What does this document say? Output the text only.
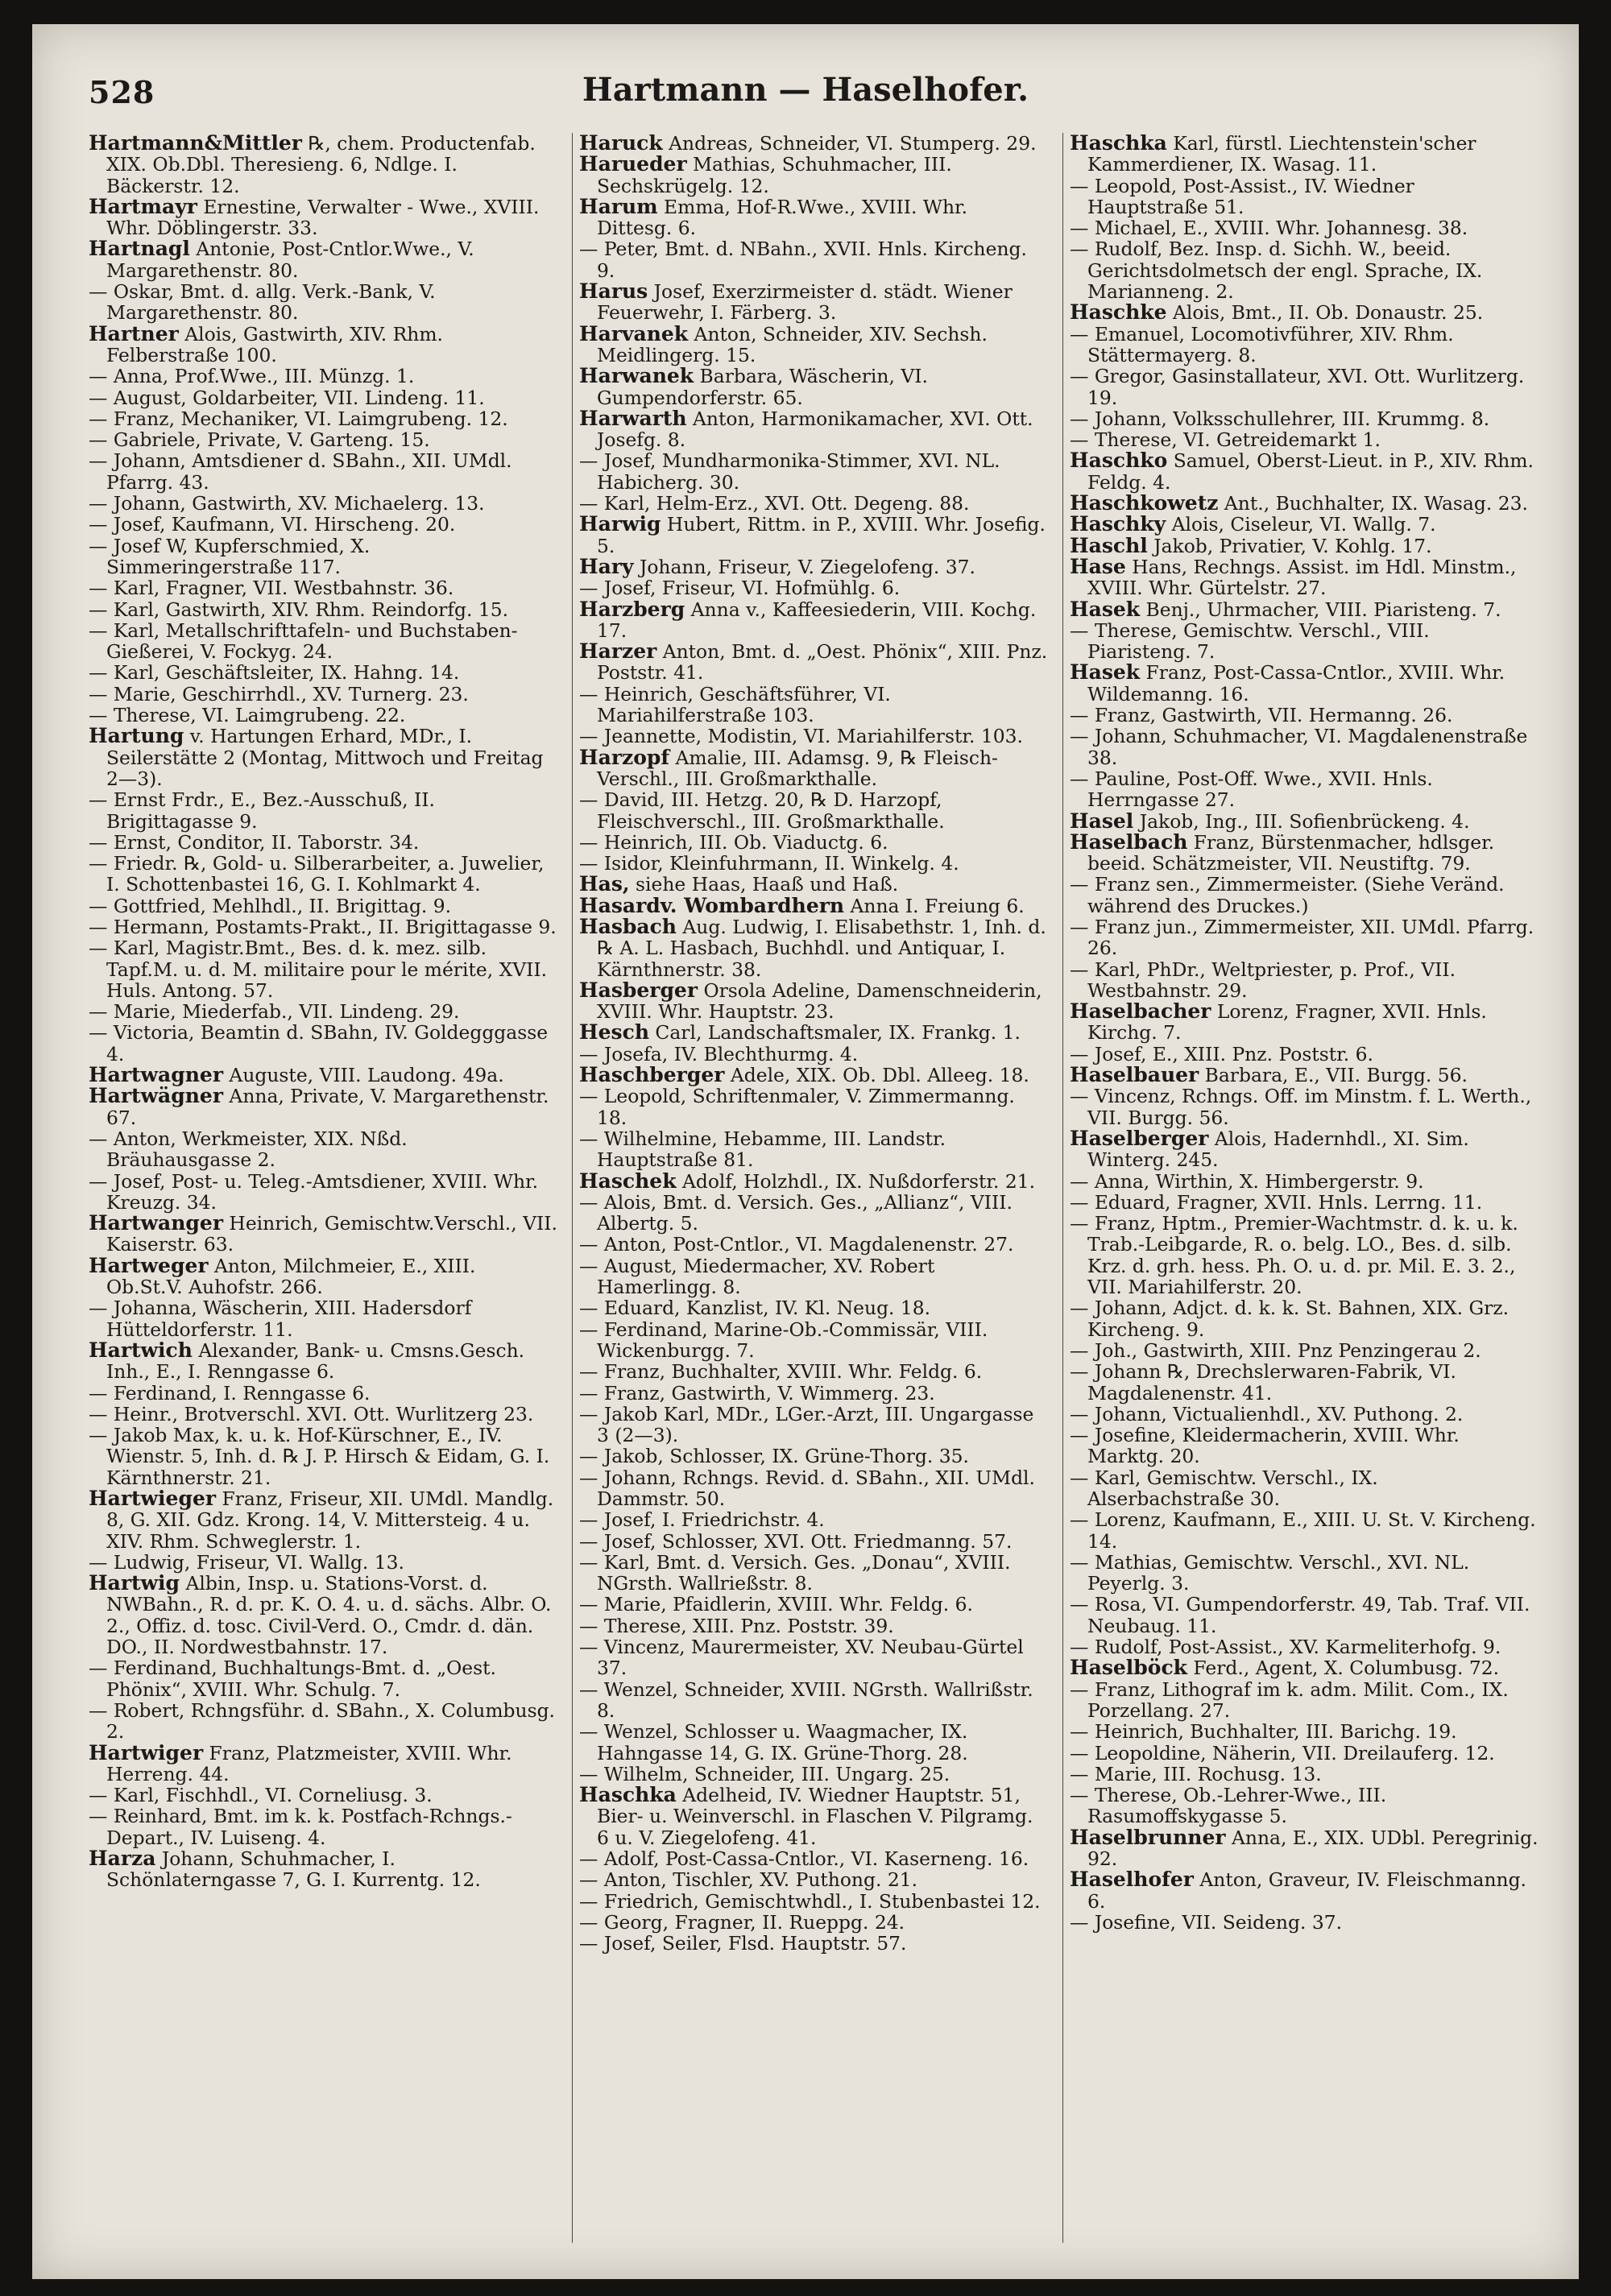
528	Hartmann — Haselhofer.

Hartmann&Mittler ℞, chem. Productenfab. XIX. Ob.Dbl. Theresieng. 6, Ndlge. I. Bäckerstr. 12.

Hartmayr Ernestine, Verwalter - Wwe., XVIII. Whr. Döblingerstr. 33.

Hartnagl Antonie, Post-Cntlor.Wwe., V. Margarethenstr. 80.

— Oskar, Bmt. d. allg. Verk.-Bank, V. Margarethenstr. 80.

Hartner Alois, Gastwirth, XIV. Rhm. Felberstraße 100.

— Anna, Prof.Wwe., III. Münzg. 1.

— August, Goldarbeiter, VII. Lindeng. 11.

— Franz, Mechaniker, VI. Laimgrubeng. 12.

— Gabriele, Private, V. Garteng. 15.

— Johann, Amtsdiener d. SBahn., XII. UMdl. Pfarrg. 43.

— Johann, Gastwirth, XV. Michaelerg. 13.

— Josef, Kaufmann, VI. Hirscheng. 20.

— Josef W, Kupferschmied, X. Simmeringerstraße 117.

— Karl, Fragner, VII. Westbahnstr. 36.

— Karl, Gastwirth, XIV. Rhm. Reindorfg. 15.

— Karl, Metallschrifttafeln- und Buchstaben-Gießerei, V. Fockyg. 24.

— Karl, Geschäftsleiter, IX. Hahng. 14.

— Marie, Geschirrhdl., XV. Turnerg. 23.

— Therese, VI. Laimgrubeng. 22.

Hartung v. Hartungen Erhard, MDr., I. Seilerstätte 2 (Montag, Mittwoch und Freitag 2—3).

— Ernst Frdr., E., Bez.-Ausschuß, II. Brigittagasse 9.

— Ernst, Conditor, II. Taborstr. 34.

— Friedr. ℞, Gold- u. Silberarbeiter, a. Juwelier, I. Schottenbastei 16, G. I. Kohlmarkt 4.

— Gottfried, Mehlhdl., II. Brigittag. 9.

— Hermann, Postamts-Prakt., II. Brigittagasse 9.

— Karl, Magistr.Bmt., Bes. d. k. mez. silb. Tapf.M. u. d. M. militaire pour le mérite, XVII. Huls. Antong. 57.

— Marie, Miederfab., VII. Lindeng. 29.

— Victoria, Beamtin d. SBahn, IV. Goldegggasse 4.

Hartwagner Auguste, VIII. Laudong. 49a.

Hartwägner Anna, Private, V. Margarethenstr. 67.

— Anton, Werkmeister, XIX. Nßd. Bräuhausgasse 2.

— Josef, Post- u. Teleg.-Amtsdiener, XVIII. Whr. Kreuzg. 34.

Hartwanger Heinrich, Gemischtw.Verschl., VII. Kaiserstr. 63.

Hartweger Anton, Milchmeier, E., XIII. Ob.St.V. Auhofstr. 266.

— Johanna, Wäscherin, XIII. Hadersdorf Hütteldorferstr. 11.

Hartwich Alexander, Bank- u. Cmsns.Gesch. Inh., E., I. Renngasse 6.

— Ferdinand, I. Renngasse 6.

— Heinr., Brotverschl. XVI. Ott. Wurlitzerg 23.

— Jakob Max, k. u. k. Hof-Kürschner, E., IV. Wienstr. 5, Inh. d. ℞ J. P. Hirsch & Eidam, G. I. Kärnthnerstr. 21.

Hartwieger Franz, Friseur, XII. UMdl. Mandlg. 8, G. XII. Gdz. Krong. 14, V. Mittersteig. 4 u. XIV. Rhm. Schweglerstr. 1.

— Ludwig, Friseur, VI. Wallg. 13.

Hartwig Albin, Insp. u. Stations-Vorst. d. NWBahn., R. d. pr. K. O. 4. u. d. sächs. Albr. O. 2., Offiz. d. tosc. Civil-Verd. O., Cmdr. d. dän. DO., II. Nordwestbahnstr. 17.

— Ferdinand, Buchhaltungs-Bmt. d. „Oest. Phönix“, XVIII. Whr. Schulg. 7.

— Robert, Rchngsführ. d. SBahn., X. Columbusg. 2.

Hartwiger Franz, Platzmeister, XVIII. Whr. Herreng. 44.

— Karl, Fischhdl., VI. Corneliusg. 3.

— Reinhard, Bmt. im k. k. Postfach-Rchngs.-Depart., IV. Luiseng. 4.

Harza Johann, Schuhmacher, I. Schönlaterngasse 7, G. I. Kurrentg. 12.

Haruck Andreas, Schneider, VI. Stumperg. 29.

Harueder Mathias, Schuhmacher, III. Sechskrügelg. 12.

Harum Emma, Hof-R.Wwe., XVIII. Whr. Dittesg. 6.

— Peter, Bmt. d. NBahn., XVII. Hnls. Kircheng. 9.

Harus Josef, Exerzirmeister d. städt. Wiener Feuerwehr, I. Färberg. 3.

Harvanek Anton, Schneider, XIV. Sechsh. Meidlingerg. 15.

Harwanek Barbara, Wäscherin, VI. Gumpendorferstr. 65.

Harwarth Anton, Harmonikamacher, XVI. Ott. Josefg. 8.

— Josef, Mundharmonika-Stimmer, XVI. NL. Habicherg. 30.

— Karl, Helm-Erz., XVI. Ott. Degeng. 88.

Harwig Hubert, Rittm. in P., XVIII. Whr. Josefig. 5.

Hary Johann, Friseur, V. Ziegelofeng. 37.

— Josef, Friseur, VI. Hofmühlg. 6.

Harzberg Anna v., Kaffeesiederin, VIII. Kochg. 17.

Harzer Anton, Bmt. d. „Oest. Phönix“, XIII. Pnz. Poststr. 41.

— Heinrich, Geschäftsführer, VI. Mariahilferstraße 103.

— Jeannette, Modistin, VI. Mariahilferstr. 103.

Harzopf Amalie, III. Adamsg. 9, ℞ Fleisch-Verschl., III. Großmarkthalle.

— David, III. Hetzg. 20, ℞ D. Harzopf, Fleischverschl., III. Großmarkthalle.

— Heinrich, III. Ob. Viaductg. 6.

— Isidor, Kleinfuhrmann, II. Winkelg. 4.

Has, siehe Haas, Haaß und Haß.

Hasardv. Wombardhern Anna I. Freiung 6.

Hasbach Aug. Ludwig, I. Elisabethstr. 1, Inh. d. ℞ A. L. Hasbach, Buchhdl. und Antiquar, I. Kärnthnerstr. 38.

Hasberger Orsola Adeline, Damenschneiderin, XVIII. Whr. Hauptstr. 23.

Hesch Carl, Landschaftsmaler, IX. Frankg. 1.

— Josefa, IV. Blechthurmg. 4.

Haschberger Adele, XIX. Ob. Dbl. Alleeg. 18.

— Leopold, Schriftenmaler, V. Zimmermanng. 18.

— Wilhelmine, Hebamme, III. Landstr. Hauptstraße 81.

Haschek Adolf, Holzhdl., IX. Nußdorferstr. 21.

— Alois, Bmt. d. Versich. Ges., „Allianz“, VIII. Albertg. 5.

— Anton, Post-Cntlor., VI. Magdalenenstr. 27.

— August, Miedermacher, XV. Robert Hamerlingg. 8.

— Eduard, Kanzlist, IV. Kl. Neug. 18.

— Ferdinand, Marine-Ob.-Commissär, VIII. Wickenburgg. 7.

— Franz, Buchhalter, XVIII. Whr. Feldg. 6.

— Franz, Gastwirth, V. Wimmerg. 23.

— Jakob Karl, MDr., LGer.-Arzt, III. Ungargasse 3 (2—3).

— Jakob, Schlosser, IX. Grüne-Thorg. 35.

— Johann, Rchngs. Revid. d. SBahn., XII. UMdl. Dammstr. 50.

— Josef, I. Friedrichstr. 4.

— Josef, Schlosser, XVI. Ott. Friedmanng. 57.

— Karl, Bmt. d. Versich. Ges. „Donau“, XVIII. NGrsth. Wallrießstr. 8.

— Marie, Pfaidlerin, XVIII. Whr. Feldg. 6.

— Therese, XIII. Pnz. Poststr. 39.

— Vincenz, Maurermeister, XV. Neubau-Gürtel 37.

— Wenzel, Schneider, XVIII. NGrsth. Wallrißstr. 8.

— Wenzel, Schlosser u. Waagmacher, IX. Hahngasse 14, G. IX. Grüne-Thorg. 28.

— Wilhelm, Schneider, III. Ungarg. 25.

Haschka Adelheid, IV. Wiedner Hauptstr. 51, Bier- u. Weinverschl. in Flaschen V. Pilgramg. 6 u. V. Ziegelofeng. 41.

— Adolf, Post-Cassa-Cntlor., VI. Kaserneng. 16.

— Anton, Tischler, XV. Puthong. 21.

— Friedrich, Gemischtwhdl., I. Stubenbastei 12.

— Georg, Fragner, II. Rueppg. 24.

— Josef, Seiler, Flsd. Hauptstr. 57.

Haschka Karl, fürstl. Liechtenstein'scher Kammerdiener, IX. Wasag. 11.

— Leopold, Post-Assist., IV. Wiedner Hauptstraße 51.

— Michael, E., XVIII. Whr. Johannesg. 38.

— Rudolf, Bez. Insp. d. Sichh. W., beeid. Gerichtsdolmetsch der engl. Sprache, IX. Marianneng. 2.

Haschke Alois, Bmt., II. Ob. Donaustr. 25.

— Emanuel, Locomotivführer, XIV. Rhm. Stättermayerg. 8.

— Gregor, Gasinstallateur, XVI. Ott. Wurlitzerg. 19.

— Johann, Volksschullehrer, III. Krummg. 8.

— Therese, VI. Getreidemarkt 1.

Haschko Samuel, Oberst-Lieut. in P., XIV. Rhm. Feldg. 4.

Haschkowetz Ant., Buchhalter, IX. Wasag. 23.

Haschky Alois, Ciseleur, VI. Wallg. 7.

Haschl Jakob, Privatier, V. Kohlg. 17.

Hase Hans, Rechngs. Assist. im Hdl. Minstm., XVIII. Whr. Gürtelstr. 27.

Hasek Benj., Uhrmacher, VIII. Piaristeng. 7.

— Therese, Gemischtw. Verschl., VIII. Piaristeng. 7.

Hasek Franz, Post-Cassa-Cntlor., XVIII. Whr. Wildemanng. 16.

— Franz, Gastwirth, VII. Hermanng. 26.

— Johann, Schuhmacher, VI. Magdalenenstraße 38.

— Pauline, Post-Off. Wwe., XVII. Hnls. Herrngasse 27.

Hasel Jakob, Ing., III. Sofienbrückeng. 4.

Haselbach Franz, Bürstenmacher, hdlsger. beeid. Schätzmeister, VII. Neustiftg. 79.

— Franz sen., Zimmermeister. (Siehe Veränd. während des Druckes.)

— Franz jun., Zimmermeister, XII. UMdl. Pfarrg. 26.

— Karl, PhDr., Weltpriester, p. Prof., VII. Westbahnstr. 29.

Haselbacher Lorenz, Fragner, XVII. Hnls. Kirchg. 7.

— Josef, E., XIII. Pnz. Poststr. 6.

Haselbauer Barbara, E., VII. Burgg. 56.

— Vincenz, Rchngs. Off. im Minstm. f. L. Werth., VII. Burgg. 56.

Haselberger Alois, Hadernhdl., XI. Sim. Winterg. 245.

— Anna, Wirthin, X. Himbergerstr. 9.

— Eduard, Fragner, XVII. Hnls. Lerrng. 11.

— Franz, Hptm., Premier-Wachtmstr. d. k. u. k. Trab.-Leibgarde, R. o. belg. LO., Bes. d. silb. Krz. d. grh. hess. Ph. O. u. d. pr. Mil. E. 3. 2., VII. Mariahilferstr. 20.

— Johann, Adjct. d. k. k. St. Bahnen, XIX. Grz. Kircheng. 9.

— Joh., Gastwirth, XIII. Pnz Penzingerau 2.

— Johann ℞, Drechslerwaren-Fabrik, VI. Magdalenenstr. 41.

— Johann, Victualienhdl., XV. Puthong. 2.

— Josefine, Kleidermacherin, XVIII. Whr. Marktg. 20.

— Karl, Gemischtw. Verschl., IX. Alserbachstraße 30.

— Lorenz, Kaufmann, E., XIII. U. St. V. Kircheng. 14.

— Mathias, Gemischtw. Verschl., XVI. NL. Peyerlg. 3.

— Rosa, VI. Gumpendorferstr. 49, Tab. Traf. VII. Neubaug. 11.

— Rudolf, Post-Assist., XV. Karmeliterhofg. 9.

Haselböck Ferd., Agent, X. Columbusg. 72.

— Franz, Lithograf im k. adm. Milit. Com., IX. Porzellang. 27.

— Heinrich, Buchhalter, III. Barichg. 19.

— Leopoldine, Näherin, VII. Dreilauferg. 12.

— Marie, III. Rochusg. 13.

— Therese, Ob.-Lehrer-Wwe., III. Rasumoffskygasse 5.

Haselbrunner Anna, E., XIX. UDbl. Peregrinig. 92.

Haselhofer Anton, Graveur, IV. Fleischmanng. 6.

— Josefine, VII. Seideng. 37.
